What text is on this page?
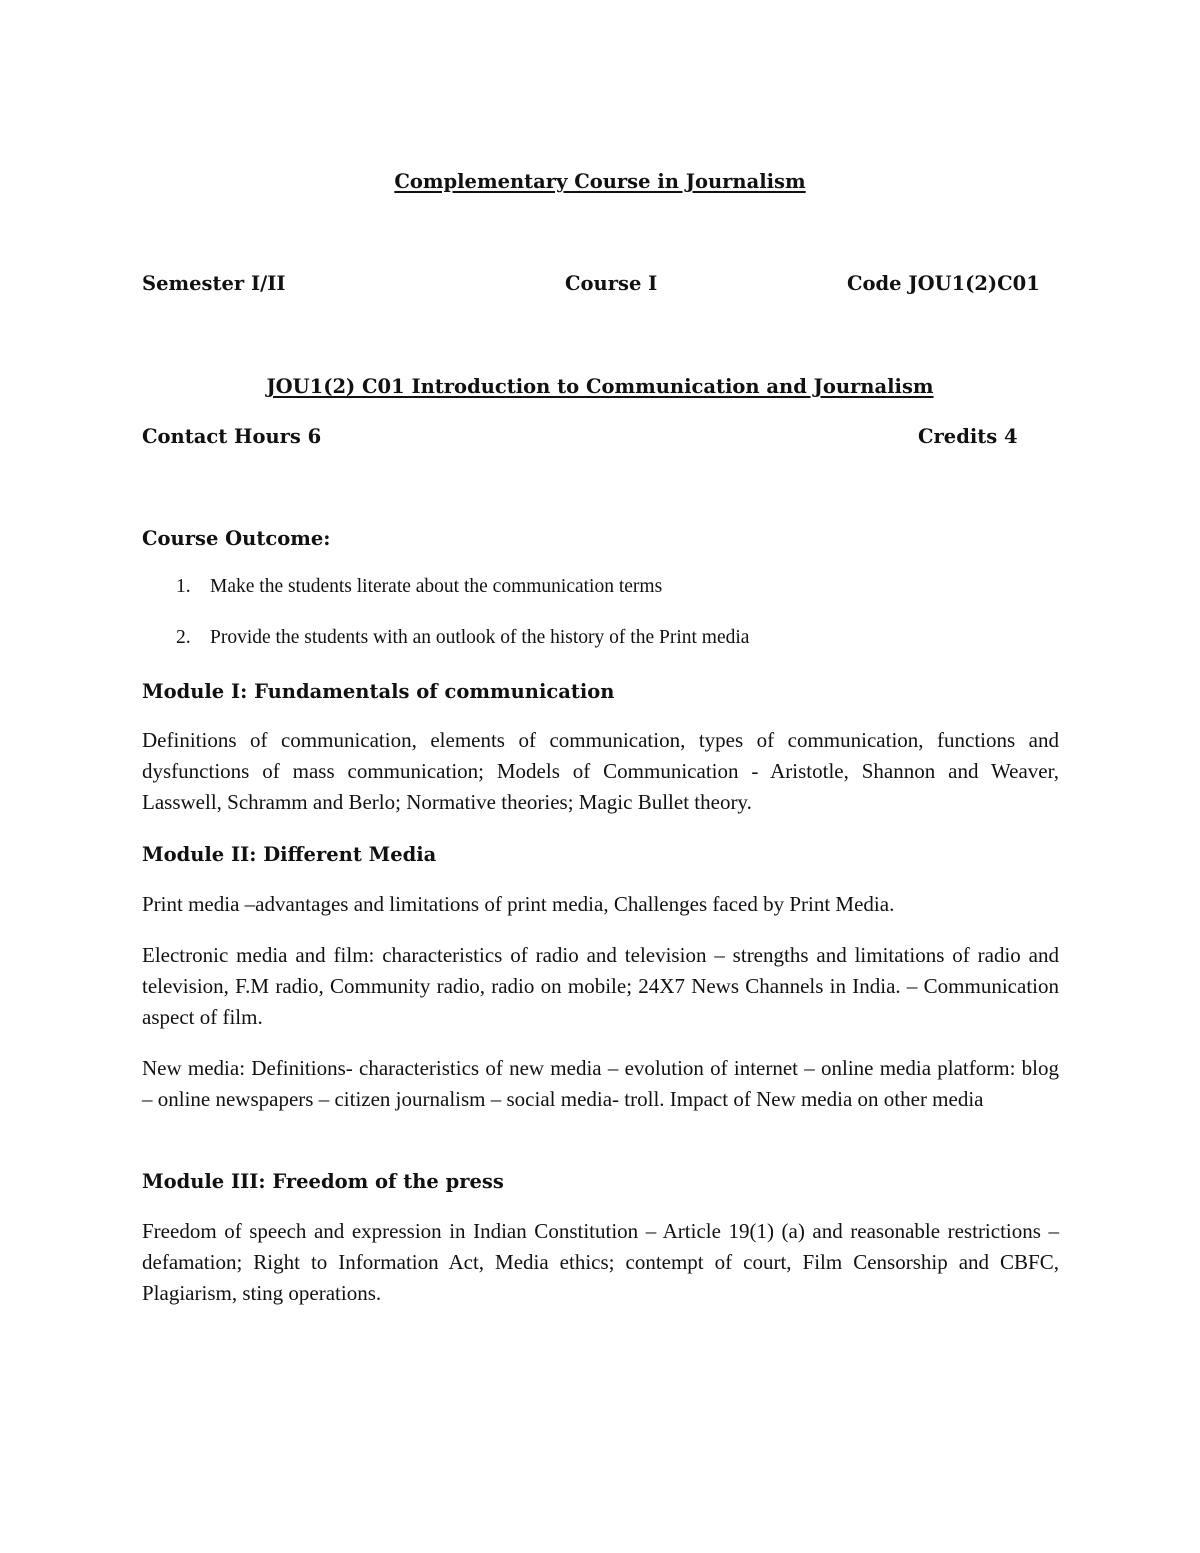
Complementary Course in Journalism
Semester I/II	Course I	Code JOU1(2)C01
JOU1(2) C01 Introduction to Communication and Journalism
Contact Hours 6	Credits 4
Course Outcome:
1. Make the students literate about the communication terms
2. Provide the students with an outlook of the history of the Print media
Module I: Fundamentals of communication
Definitions of communication, elements of communication, types of communication, functions and dysfunctions of mass communication; Models of Communication - Aristotle, Shannon and Weaver, Lasswell, Schramm and Berlo; Normative theories; Magic Bullet theory.
Module II: Different Media
Print media –advantages and limitations of print media, Challenges faced by Print Media.
Electronic media and film: characteristics of radio and television – strengths and limitations of radio and television, F.M radio, Community radio, radio on mobile; 24X7 News Channels in India. – Communication aspect of film.
New media: Definitions- characteristics of new media – evolution of internet – online media platform: blog – online newspapers – citizen journalism – social media- troll. Impact of New media on other media
Module III: Freedom of the press
Freedom of speech and expression in Indian Constitution – Article 19(1) (a) and reasonable restrictions – defamation; Right to Information Act, Media ethics; contempt of court, Film Censorship and CBFC, Plagiarism, sting operations.
